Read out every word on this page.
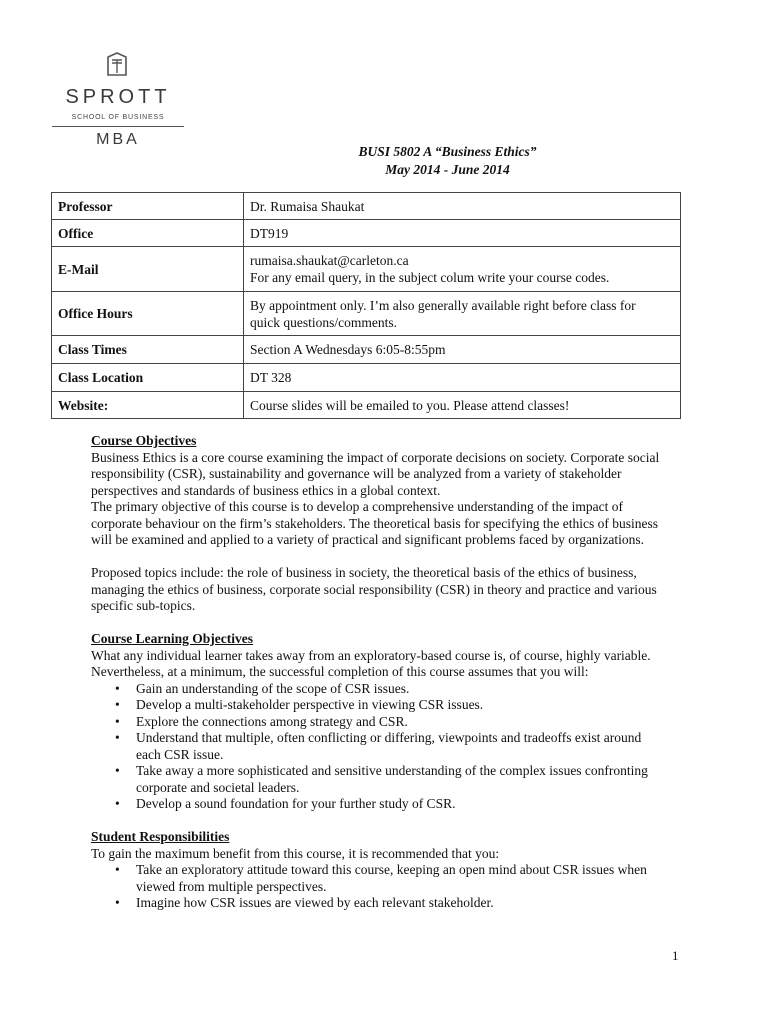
SPROTT
SCHOOL OF BUSINESS
MBA
BUSI 5802 A “Business Ethics”
May 2014 - June 2014
Professor	Dr. Rumaisa Shaukat

Office	DT919

E-Mail	rumaisa.shaukat@carleton.ca
For any email query, in the subject colum write your course codes.

Office Hours	By appointment only. I’m also generally available right before class for
quick questions/comments.

Class Times	Section A Wednesdays 6:05-8:55pm

Class Location	DT 328

Website:	Course slides will be emailed to you. Please attend classes!

Course Objectives

Business Ethics is a core course examining the impact of corporate decisions on society. Corporate social

responsibility (CSR), sustainability and governance will be analyzed from a variety of stakeholder

perspectives and standards of business ethics in a global context.

The primary objective of this course is to develop a comprehensive understanding of the impact of

corporate behaviour on the firm’s stakeholders. The theoretical basis for specifying the ethics of business

will be examined and applied to a variety of practical and significant problems faced by organizations.

Proposed topics include: the role of business in society, the theoretical basis of the ethics of business,

managing the ethics of business, corporate social responsibility (CSR) in theory and practice and various

specific sub-topics.

Course Learning Objectives

What any individual learner takes away from an exploratory-based course is, of course, highly variable.

Nevertheless, at a minimum, the successful completion of this course assumes that you will:

• Gain an understanding of the scope of CSR issues.
• Develop a multi-stakeholder perspective in viewing CSR issues.
• Explore the connections among strategy and CSR.
• Understand that multiple, often conflicting or differing, viewpoints and tradeoffs exist around
each CSR issue.
• Take away a more sophisticated and sensitive understanding of the complex issues confronting
corporate and societal leaders.
• Develop a sound foundation for your further study of CSR.

Student Responsibilities

To gain the maximum benefit from this course, it is recommended that you:

• Take an exploratory attitude toward this course, keeping an open mind about CSR issues when
viewed from multiple perspectives.
• Imagine how CSR issues are viewed by each relevant stakeholder.
1
